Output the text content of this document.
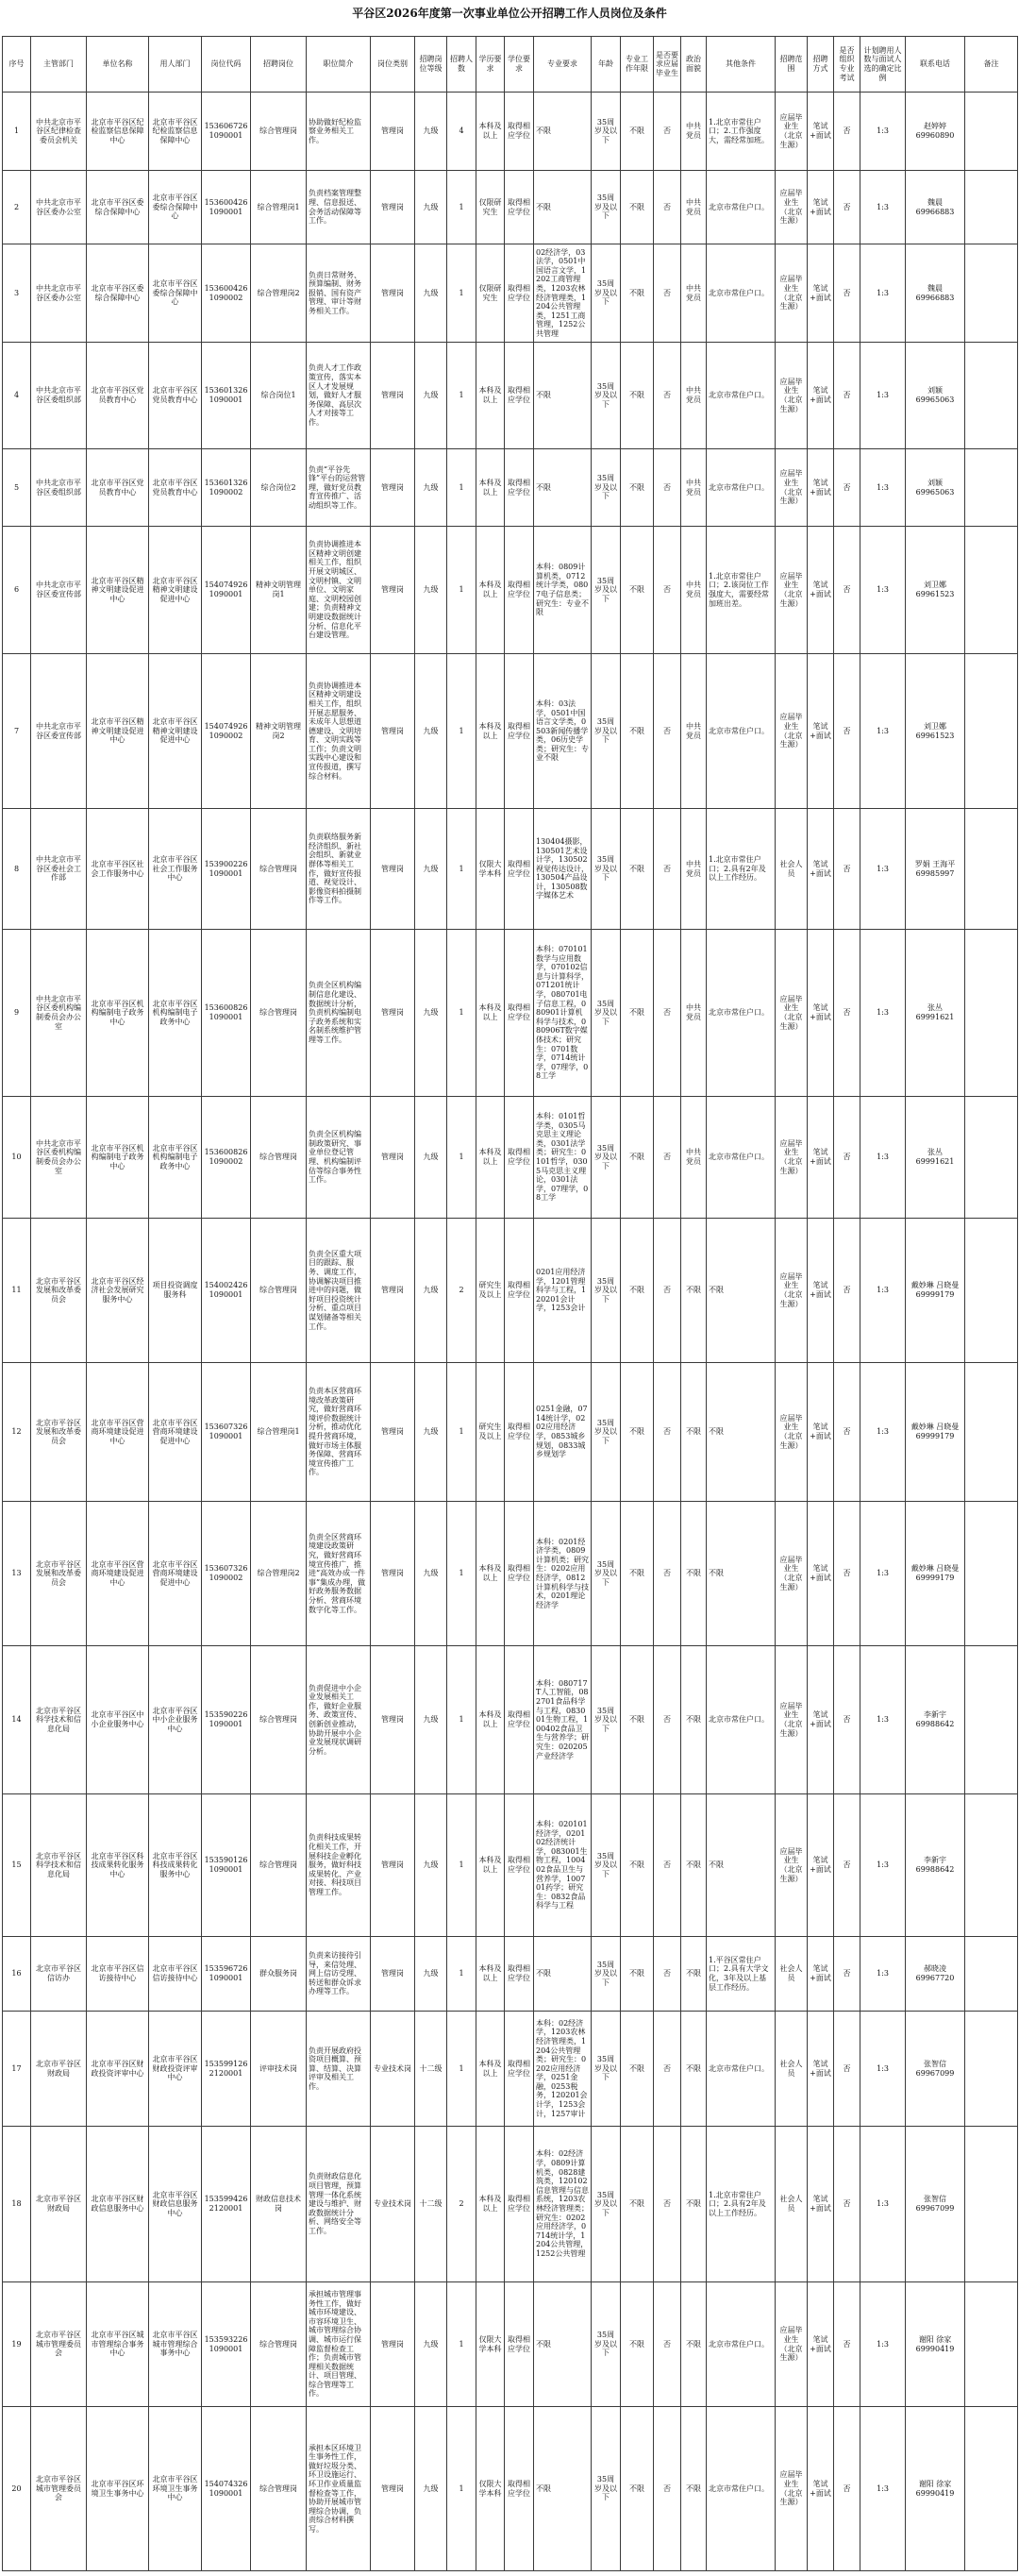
平谷区2026年度第一次事业单位公开招聘工作人员岗位及条件
序号	主管部门	单位名称	用人部门	岗位代码	招聘岗位	职位简介	岗位类别	招聘岗位等级	招聘人数	学历要求	学位要求	专业要求	年龄	专业工作年限	是否要求应届毕业生	政治面貌	其他条件	招聘范围	招聘方式	是否组织专业考试	计划聘用人数与面试人选的确定比例	联系电话	备注
1	中共北京市平谷区纪律检查委员会机关	北京市平谷区纪检监察信息保障中心	北京市平谷区纪检监察信息保障中心	1536067261090001	综合管理岗	协助做好纪检监察业务相关工作。	管理岗	九级	4	本科及以上	取得相应学位	不限	35周岁及以下	不限	否	中共党员	1.北京市常住户口；2.工作强度大，需经常加班。	应届毕业生（北京生源）	笔试+面试	否	1:3	赵婷婷
69960890	

2	中共北京市平谷区委办公室	北京市平谷区委综合保障中心	北京市平谷区委综合保障中心	1536004261090001	综合管理岗1	负责档案管理整理、信息报送、会务活动保障等工作。	管理岗	九级	1	仅限研究生	取得相应学位	不限	35周岁及以下	不限	否	中共党员	北京市常住户口。	应届毕业生（北京生源）	笔试+面试	否	1:3	魏晨
69966883	

3	中共北京市平谷区委办公室	北京市平谷区委综合保障中心	北京市平谷区委综合保障中心	1536004261090002	综合管理岗2	负责日常财务、预算编制、财务报销、国有资产管理、审计等财务相关工作。	管理岗	九级	1	仅限研究生	取得相应学位	02经济学，03法学，0501中国语言文学，1202工商管理类，1203农林经济管理类，1204公共管理类，1251工商管理，1252公共管理	35周岁及以下	不限	否	中共党员	北京市常住户口。	应届毕业生（北京生源）	笔试+面试	否	1:3	魏晨
69966883	

4	中共北京市平谷区委组织部	北京市平谷区党员教育中心	北京市平谷区党员教育中心	1536013261090001	综合岗位1	负责人才工作政策宣传，落实本区人才发展规划，做好人才服务保障、高层次人才对接等工作。	管理岗	九级	1	本科及以上	取得相应学位	不限	35周岁及以下	不限	否	中共党员	北京市常住户口。	应届毕业生（北京生源）	笔试+面试	否	1:3	刘颖
69965063	

5	中共北京市平谷区委组织部	北京市平谷区党员教育中心	北京市平谷区党员教育中心	1536013261090002	综合岗位2	负责“平谷先锋”平台的运营管理，做好党员教育宣传推广、活动组织等工作。	管理岗	九级	1	本科及以上	取得相应学位	不限	35周岁及以下	不限	否	中共党员	北京市常住户口。	应届毕业生（北京生源）	笔试+面试	否	1:3	刘颖
69965063	

6	中共北京市平谷区委宣传部	北京市平谷区精神文明建设促进中心	北京市平谷区精神文明建设促进中心	1540749261090001	精神文明管理岗1	负责协调推进本区精神文明创建相关工作，组织开展文明城区、文明村镇、文明单位、文明家庭、文明校园创建；负责精神文明建设数据统计分析、信息化平台建设管理。	管理岗	九级	1	本科及以上	取得相应学位	本科：0809计算机类，0712统计学类，0807电子信息类；研究生：专业不限	35周岁及以下	不限	否	中共党员	1.北京市常住户口；2.该岗位工作强度大，需要经常加班出差。	应届毕业生（北京生源）	笔试+面试	否	1:3	刘卫娜
69961523	

7	中共北京市平谷区委宣传部	北京市平谷区精神文明建设促进中心	北京市平谷区精神文明建设促进中心	1540749261090002	精神文明管理岗2	负责协调推进本区精神文明建设相关工作，组织开展志愿服务、未成年人思想道德建设、文明培育、文明实践等工作；负责文明实践中心建设和宣传报道，撰写综合材料。	管理岗	九级	1	本科及以上	取得相应学位	本科：03法学，0501中国语言文学类，0503新闻传播学类，06历史学类；研究生：专业不限	35周岁及以下	不限	否	中共党员	北京市常住户口。	应届毕业生（北京生源）	笔试+面试	否	1:3	刘卫娜
69961523	

8	中共北京市平谷区委社会工作部	北京市平谷区社会工作服务中心	北京市平谷区社会工作服务中心	1539002261090001	综合管理岗	负责联络服务新经济组织、新社会组织、新就业群体等相关工作，做好宣传报道、视觉设计、影像资料拍摄制作等工作。	管理岗	九级	1	仅限大学本科	取得相应学位	130404摄影，130501艺术设计学，130502视觉传达设计，130504产品设计，130508数字媒体艺术	35周岁及以下	不限	否	中共党员	1.北京市常住户口；2.具有2年及以上工作经历。	社会人员	笔试+面试	否	1:3	罗娟 王海平
69985997	

9	中共北京市平谷区委机构编制委员会办公室	北京市平谷区机构编制电子政务中心	北京市平谷区机构编制电子政务中心	1536008261090001	综合管理岗	负责全区机构编制信息化建设、数据统计分析，负责机构编制电子政务系统和实名制系统维护管理等工作。	管理岗	九级	1	本科及以上	取得相应学位	本科：070101数学与应用数学，070102信息与计算科学，071201统计学，080701电子信息工程，080901计算机科学与技术，080906T数字媒体技术；研究生：0701数学，0714统计学，07理学，08工学	35周岁及以下	不限	否	中共党员	北京市常住户口。	应届毕业生（北京生源）	笔试+面试	否	1:3	张丛
69991621	

10	中共北京市平谷区委机构编制委员会办公室	北京市平谷区机构编制电子政务中心	北京市平谷区机构编制电子政务中心	1536008261090002	综合管理岗	负责全区机构编制政策研究、事业单位登记管理、机构编制评估等综合事务性工作。	管理岗	九级	1	本科及以上	取得相应学位	本科：0101哲学类，0305马克思主义理论类，0301法学类；研究生：0101哲学，0305马克思主义理论，0301法学，07理学，08工学	35周岁及以下	不限	否	中共党员	北京市常住户口。	应届毕业生（北京生源）	笔试+面试	否	1:3	张丛
69991621	

11	北京市平谷区发展和改革委员会	北京市平谷区经济社会发展研究服务中心	项目投资调度服务科	1540024261090001	综合管理岗	负责全区重大项目的跟踪、服务、调度工作，协调解决项目推进中的问题，做好项目投资统计分析、重点项目谋划储备等相关工作。	管理岗	九级	2	研究生及以上	取得相应学位	0201应用经济学，1201管理科学与工程，120201会计学，1253会计	35周岁及以下	不限	否	不限	不限	应届毕业生（北京生源）	笔试+面试	否	1:3	戴妙琳 吕晓曼
69999179	

12	北京市平谷区发展和改革委员会	北京市平谷区营商环境建设促进中心	北京市平谷区营商环境建设促进中心	1536073261090001	综合管理岗1	负责本区营商环境改革政策研究，做好营商环境评价数据统计分析，推动优化提升营商环境，做好市场主体服务保障、营商环境宣传推广工作。	管理岗	九级	1	研究生及以上	取得相应学位	0251金融，0714统计学，0202应用经济学，0853城乡规划，0833城乡规划学	35周岁及以下	不限	否	不限	不限	应届毕业生（北京生源）	笔试+面试	否	1:3	戴妙琳 吕晓曼
69999179	

13	北京市平谷区发展和改革委员会	北京市平谷区营商环境建设促进中心	北京市平谷区营商环境建设促进中心	1536073261090002	综合管理岗2	负责全区营商环境建设政策研究，做好营商环境宣传推广，推进“高效办成一件事”集成办理，做好政务服务数据分析、营商环境数字化等工作。	管理岗	九级	1	本科及以上	取得相应学位	本科：0201经济学类，0809计算机类；研究生：0202应用经济学，0812计算机科学与技术，0201理论经济学	35周岁及以下	不限	否	不限	不限	应届毕业生（北京生源）	笔试+面试	否	1:3	戴妙琳 吕晓曼
69999179	

14	北京市平谷区科学技术和信息化局	北京市平谷区中小企业服务中心	北京市平谷区中小企业服务中心	1535902261090001	综合管理岗	负责促进中小企业发展相关工作，做好企业服务、政策宣传、创新创业推动，协助开展中小企业发展现状调研分析。	管理岗	九级	1	本科及以上	取得相应学位	本科：080717T人工智能，082701食品科学与工程，083001生物工程，100402食品卫生与营养学；研究生：020205产业经济学	35周岁及以下	不限	否	不限	北京市常住户口。	应届毕业生（北京生源）	笔试+面试	否	1:3	李新宇
69988642	

15	北京市平谷区科学技术和信息化局	北京市平谷区科技成果转化服务中心	北京市平谷区科技成果转化服务中心	1535901261090001	综合管理岗	负责科技成果转化相关工作，开展科技企业孵化服务，做好科技成果转化、产业对接、科技项目管理工作。	管理岗	九级	1	本科及以上	取得相应学位	本科：020101经济学，020102经济统计学，083001生物工程，100402食品卫生与营养学，100701药学；研究生：0832食品科学与工程	35周岁及以下	不限	否	不限	不限	应届毕业生（北京生源）	笔试+面试	否	1:3	李新宇
69988642	

16	北京市平谷区信访办	北京市平谷区信访接待中心	北京市平谷区信访接待中心	1535967261090001	群众服务岗	负责来访接待引导，来信处理、网上信访受理、转送和群众诉求办理等工作。	管理岗	九级	1	本科及以上	取得相应学位	不限	35周岁及以下	不限	否	不限	1.平谷区常住户口；2.具有大学文化，3年及以上基层工作经历。	社会人员	笔试+面试	否	1:3	郝晓凌
69967720	

17	北京市平谷区财政局	北京市平谷区财政投资评审中心	北京市平谷区财政投资评审中心	1535991262120001	评审技术岗	负责开展政府投资项目概算、预算、结算、决算评审及相关工作。	专业技术岗	十二级	1	本科及以上	取得相应学位	本科：02经济学，1203农林经济管理类，1204公共管理类；研究生：0202应用经济学，0251金融，0253税务，120201会计学，1253会计，1257审计	35周岁及以下	不限	否	不限	北京市常住户口。	社会人员	笔试+面试	否	1:3	张智信
69967099	

18	北京市平谷区财政局	北京市平谷区财政信息服务中心	北京市平谷区财政信息服务中心	1535994262120001	财政信息技术岗	负责财政信息化项目管理，预算管理一体化系统建设与维护、财政数据统计分析、网络安全等工作。	专业技术岗	十二级	2	本科及以上	取得相应学位	本科：02经济学，0809计算机类，0828建筑类，120102信息管理与信息系统，1203农林经济管理类；研究生：0202应用经济学，0714统计学，1204公共管理，1252公共管理	35周岁及以下	不限	否	不限	1.北京市常住户口；2.具有2年及以上工作经历。	社会人员	笔试+面试	否	1:3	张智信
69967099	

19	北京市平谷区城市管理委员会	北京市平谷区城市管理综合事务中心	北京市平谷区城市管理综合事务中心	1535932261090001	综合管理岗	承担城市管理事务性工作，做好城市环境建设、市容环境卫生、城市管理综合协调、城市运行保障监督检查工作；负责城市管理相关数据统计、项目管理、综合管理等工作。	管理岗	九级	1	仅限大学本科	取得相应学位	不限	35周岁及以下	不限	否	不限	北京市常住户口。	应届毕业生（北京生源）	笔试+面试	否	1:3	谢阳 徐家
69990419	

20	北京市平谷区城市管理委员会	北京市平谷区环境卫生事务中心	北京市平谷区环境卫生事务中心	1540743261090001	综合管理岗	承担本区环境卫生事务性工作，做好垃圾分类、环卫设施运行、环卫作业质量监督检查等工作，协助开展城市管理综合协调，负责综合材料撰写。	管理岗	九级	1	仅限大学本科	取得相应学位	不限	35周岁及以下	不限	否	不限	北京市常住户口。	应届毕业生（北京生源）	笔试+面试	否	1:3	谢阳 徐家
69990419	
